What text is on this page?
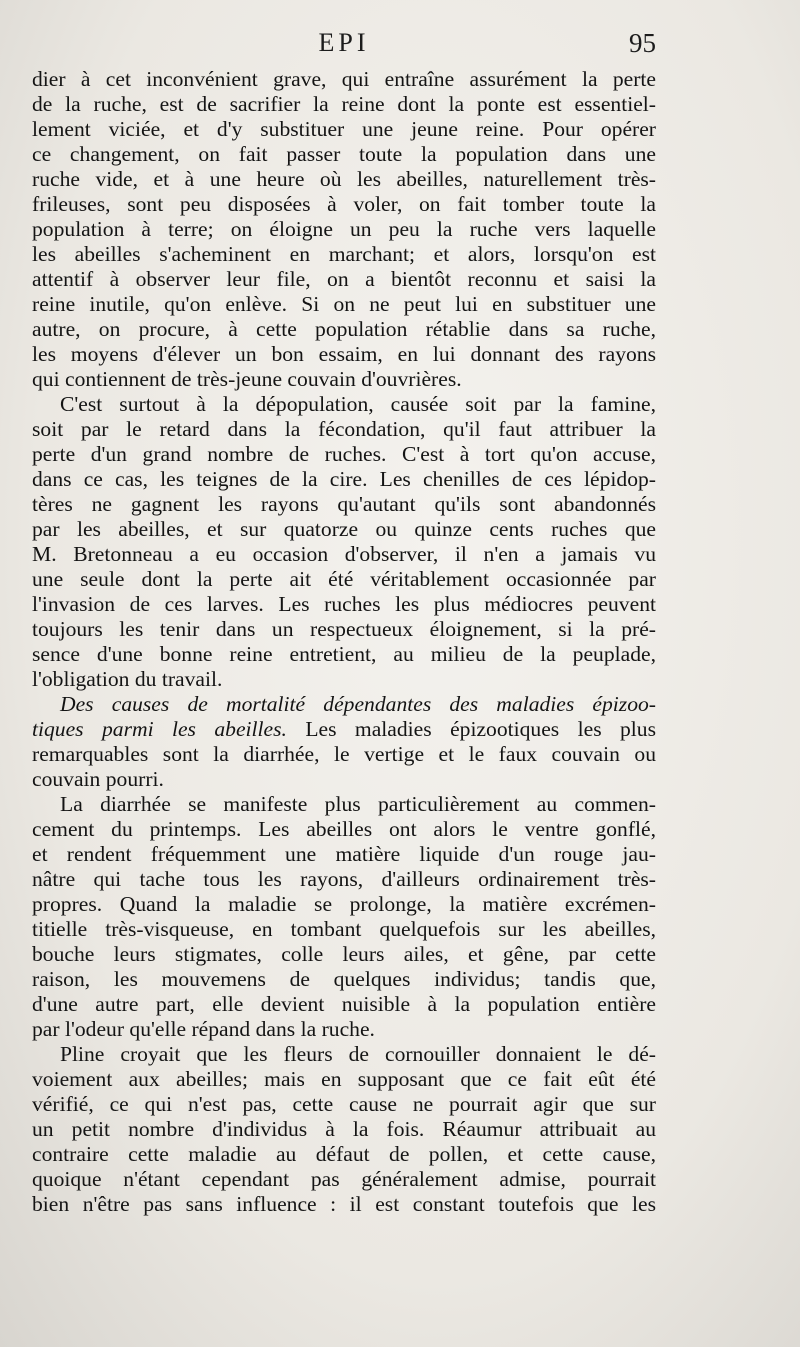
EPI	95
dier à cet inconvénient grave, qui entraîne assurément la perte
de la ruche, est de sacrifier la reine dont la ponte est essentiel-
lement viciée, et d'y substituer une jeune reine. Pour opérer
ce changement, on fait passer toute la population dans une
ruche vide, et à une heure où les abeilles, naturellement très-
frileuses, sont peu disposées à voler, on fait tomber toute la
population à terre; on éloigne un peu la ruche vers laquelle
les abeilles s'acheminent en marchant; et alors, lorsqu'on est
attentif à observer leur file, on a bientôt reconnu et saisi la
reine inutile, qu'on enlève. Si on ne peut lui en substituer une
autre, on procure, à cette population rétablie dans sa ruche,
les moyens d'élever un bon essaim, en lui donnant des rayons
qui contiennent de très-jeune couvain d'ouvrières.
C'est surtout à la dépopulation, causée soit par la famine,
soit par le retard dans la fécondation, qu'il faut attribuer la
perte d'un grand nombre de ruches. C'est à tort qu'on accuse,
dans ce cas, les teignes de la cire. Les chenilles de ces lépidop-
tères ne gagnent les rayons qu'autant qu'ils sont abandonnés
par les abeilles, et sur quatorze ou quinze cents ruches que
M. Bretonneau a eu occasion d'observer, il n'en a jamais vu
une seule dont la perte ait été véritablement occasionnée par
l'invasion de ces larves. Les ruches les plus médiocres peuvent
toujours les tenir dans un respectueux éloignement, si la pré-
sence d'une bonne reine entretient, au milieu de la peuplade,
l'obligation du travail.
Des causes de mortalité dépendantes des maladies épizoo-
tiques parmi les abeilles. Les maladies épizootiques les plus
remarquables sont la diarrhée, le vertige et le faux couvain ou
couvain pourri.
La diarrhée se manifeste plus particulièrement au commen-
cement du printemps. Les abeilles ont alors le ventre gonflé,
et rendent fréquemment une matière liquide d'un rouge jau-
nâtre qui tache tous les rayons, d'ailleurs ordinairement très-
propres. Quand la maladie se prolonge, la matière excrémen-
titielle très-visqueuse, en tombant quelquefois sur les abeilles,
bouche leurs stigmates, colle leurs ailes, et gêne, par cette
raison, les mouvemens de quelques individus; tandis que,
d'une autre part, elle devient nuisible à la population entière
par l'odeur qu'elle répand dans la ruche.
Pline croyait que les fleurs de cornouiller donnaient le dé-
voiement aux abeilles; mais en supposant que ce fait eût été
vérifié, ce qui n'est pas, cette cause ne pourrait agir que sur
un petit nombre d'individus à la fois. Réaumur attribuait au
contraire cette maladie au défaut de pollen, et cette cause,
quoique n'étant cependant pas généralement admise, pourrait
bien n'être pas sans influence : il est constant toutefois que les
